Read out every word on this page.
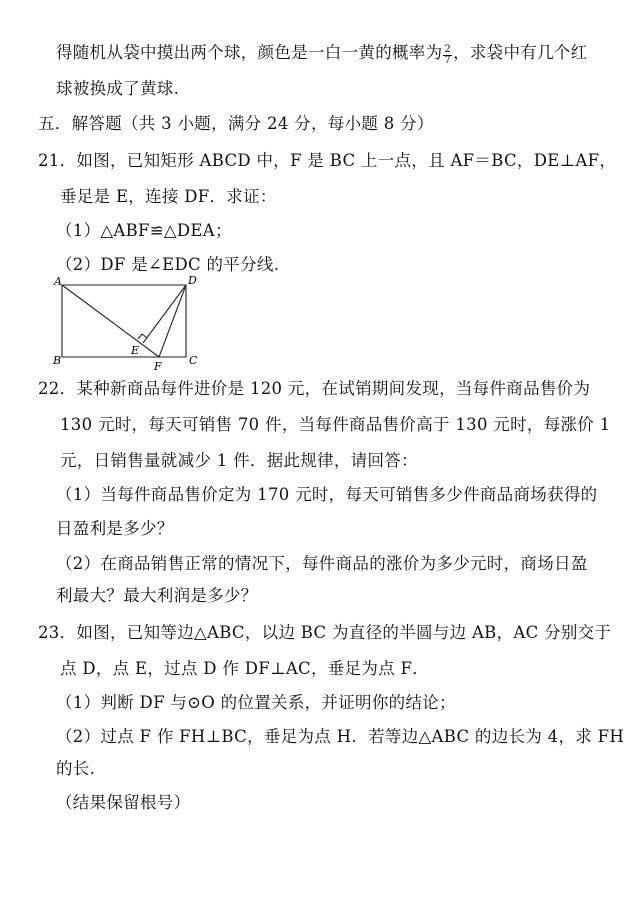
得随机从袋中摸出两个球，颜色是一白一黄的概率为 $\frac{2}{7}$ ，求袋中有几个红
球被换成了黄球.
五．解答题（共 3 小题，满分 24 分，每小题 8 分）
21．如图，已知矩形 ABCD 中，F 是 BC 上一点，且 AF＝BC，DE⊥AF，
垂足是 E，连接 DF．求证：
（1）△ABF≌△DEA；
（2）DF 是∠EDC 的平分线.
A	D
B	C
E
F
22．某种新商品每件进价是 120 元，在试销期间发现，当每件商品售价为
130 元时，每天可销售 70 件，当每件商品售价高于 130 元时，每涨价 1
元，日销售量就减少 1 件．据此规律，请回答：
（1）当每件商品售价定为 170 元时，每天可销售多少件商品商场获得的
日盈利是多少？
（2）在商品销售正常的情况下，每件商品的涨价为多少元时，商场日盈
利最大？最大利润是多少？
23．如图，已知等边△ABC，以边 BC 为直径的半圆与边 AB，AC 分别交于
点 D，点 E，过点 D 作 DF⊥AC，垂足为点 F．
（1）判断 DF 与⊙O 的位置关系，并证明你的结论；
（2）过点 F 作 FH⊥BC，垂足为点 H．若等边△ABC 的边长为 4，求 FH
的长.
（结果保留根号）
